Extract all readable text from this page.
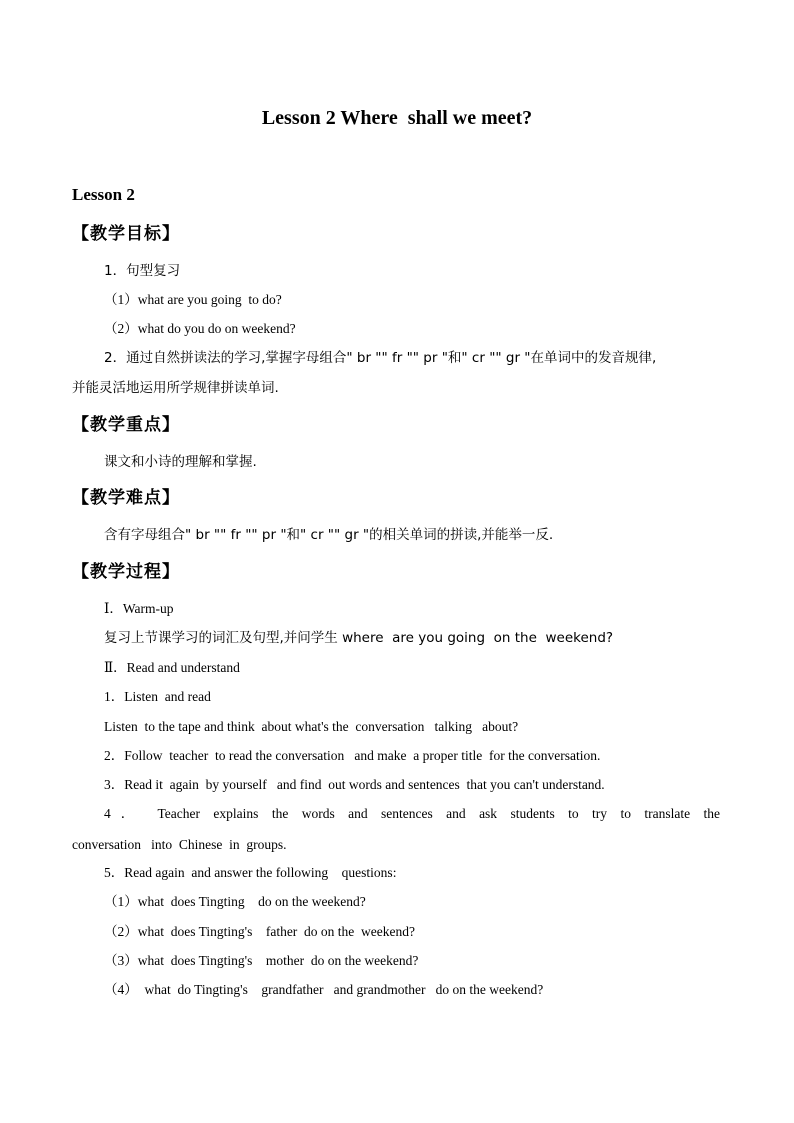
Lesson 2 Where  shall we meet?
Lesson 2
【教学目标】
1．句型复习
（1）what are you going  to do?
（2）what do you do on weekend?
2．通过自然拼读法的学习,掌握字母组合" br "" fr "" pr "和" cr "" gr "在单词中的发音规律,
并能灵活地运用所学规律拼读单词.
【教学重点】
课文和小诗的理解和掌握.
【教学难点】
含有字母组合" br "" fr "" pr "和" cr "" gr "的相关单词的拼读,并能举一反.
【教学过程】
Ⅰ．Warm-up
复习上节课学习的词汇及句型,并问学生 where  are you going  on the  weekend?
Ⅱ．Read and understand
1．Listen  and read
Listen  to the tape and think  about what's the  conversation   talking   about?
2．Follow  teacher  to read the conversation   and make  a proper title  for the conversation.
3．Read it  again  by yourself   and find  out words and sentences  that you can't understand.
4． Teacher explains the words and sentences and ask students to try to translate the
conversation   into  Chinese  in  groups.
5．Read again  and answer the following    questions:
（1）what  does Tingting    do on the weekend?
（2）what  does Tingting's    father  do on the  weekend?
（3）what  does Tingting's    mother  do on the weekend?
（4）  what  do Tingting's    grandfather   and grandmother   do on the weekend?
